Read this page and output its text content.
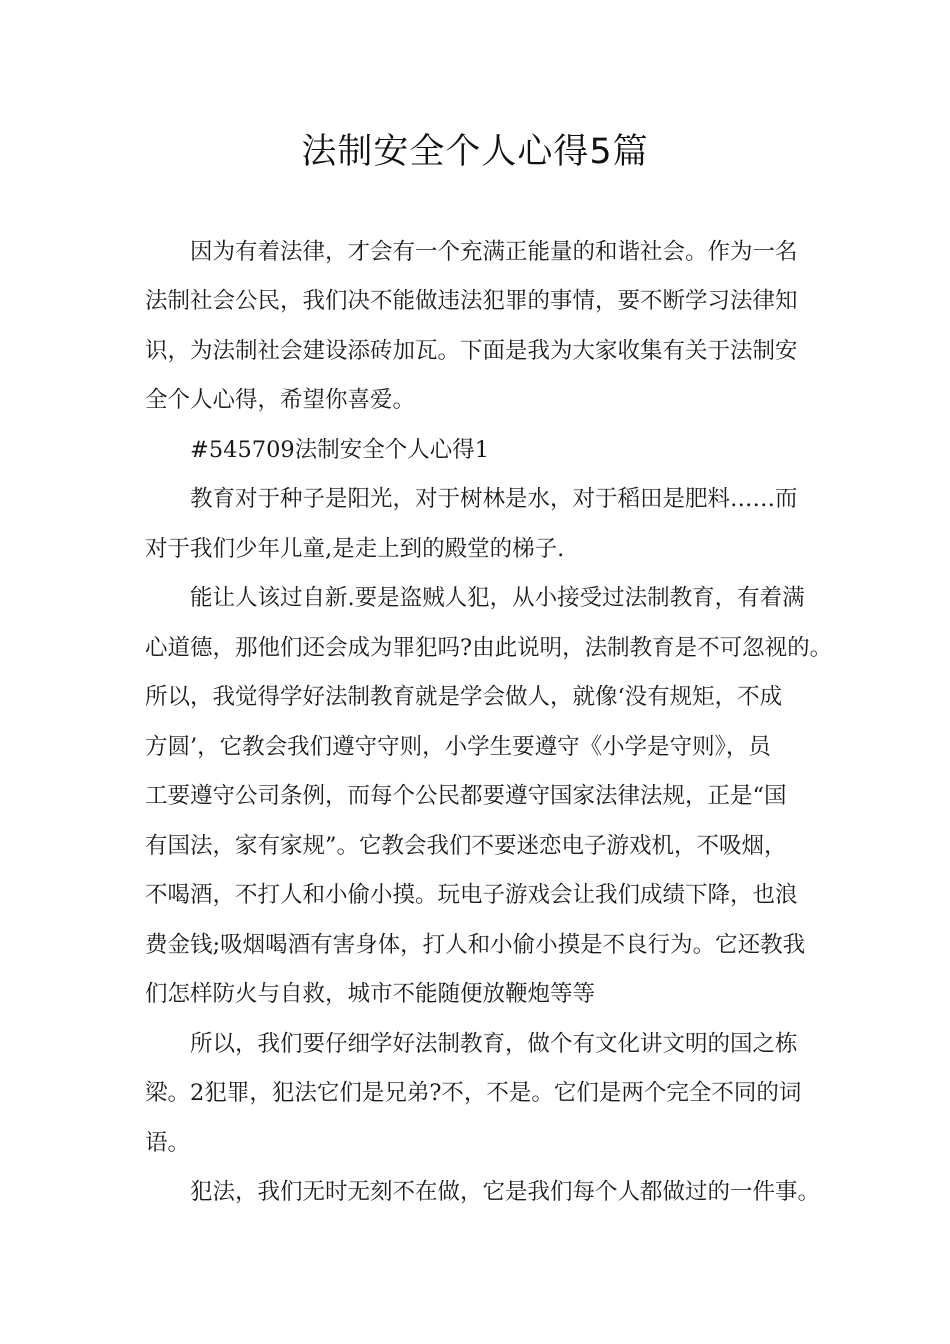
法制安全个人心得5篇

因为有着法律，才会有一个充满正能量的和谐社会。作为一名

法制社会公民，我们决不能做违法犯罪的事情，要不断学习法律知

识，为法制社会建设添砖加瓦。下面是我为大家收集有关于法制安

全个人心得，希望你喜爱。

#545709法制安全个人心得1

教育对于种子是阳光，对于树林是水，对于稻田是肥料……而

对于我们少年儿童,是走上到的殿堂的梯子.

能让人该过自新.要是盗贼人犯，从小接受过法制教育，有着满

心道德，那他们还会成为罪犯吗?由此说明，法制教育是不可忽视的。

所以，我觉得学好法制教育就是学会做人，就像‘没有规矩，不成

方圆’，它教会我们遵守守则，小学生要遵守《小学是守则》，员

工要遵守公司条例，而每个公民都要遵守国家法律法规，正是“国

有国法，家有家规”。它教会我们不要迷恋电子游戏机，不吸烟，

不喝酒，不打人和小偷小摸。玩电子游戏会让我们成绩下降，也浪

费金钱;吸烟喝酒有害身体，打人和小偷小摸是不良行为。它还教我

们怎样防火与自救，城市不能随便放鞭炮等等

所以，我们要仔细学好法制教育，做个有文化讲文明的国之栋

梁。2犯罪，犯法它们是兄弟?不，不是。它们是两个完全不同的词

语。

犯法，我们无时无刻不在做，它是我们每个人都做过的一件事。
